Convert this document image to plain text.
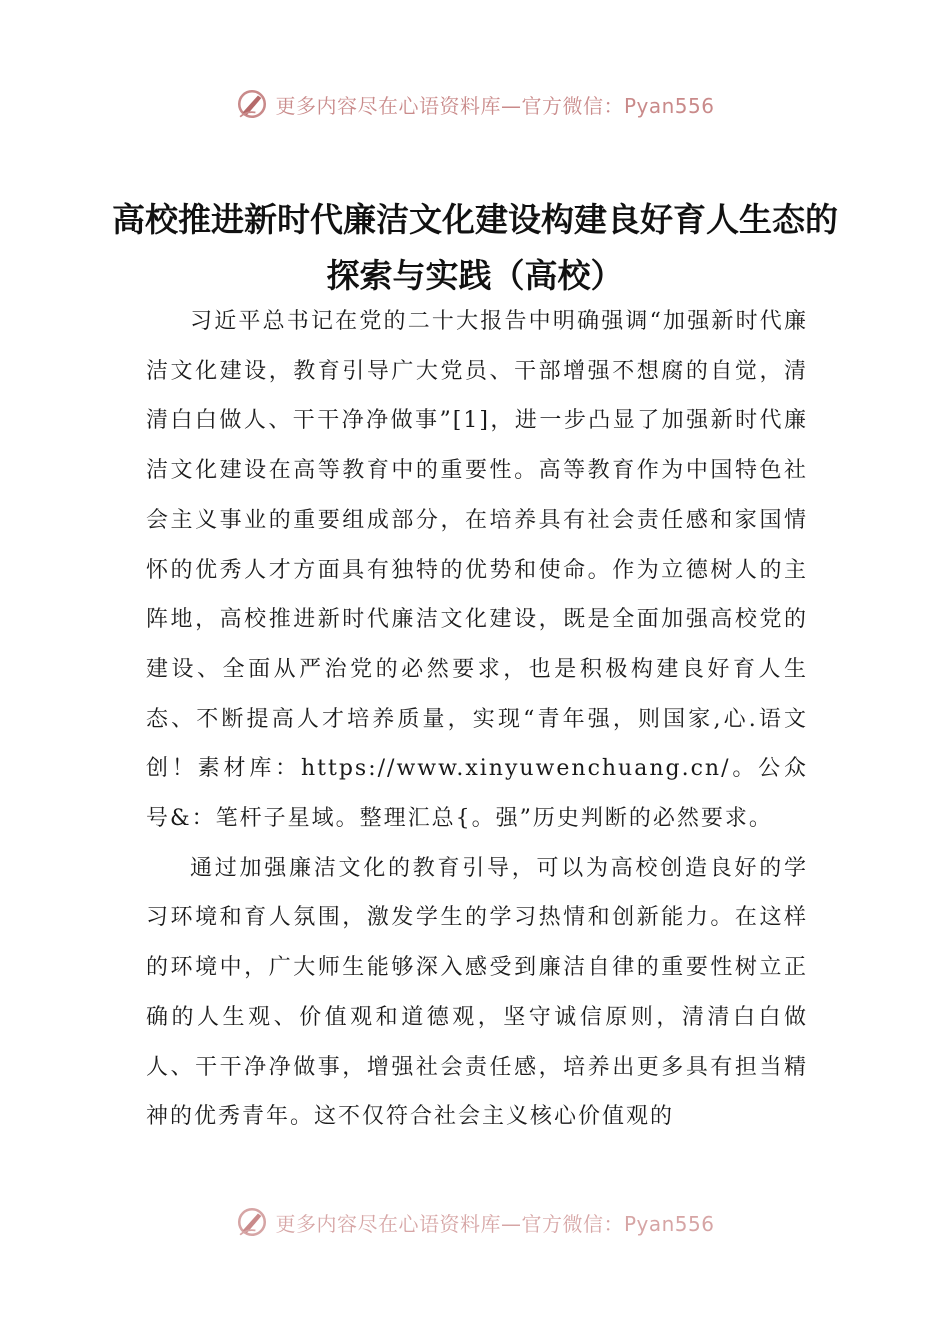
更多内容尽在心语资料库—官方微信：Pyan556
高校推进新时代廉洁文化建设构建良好育人生态的探索与实践（高校）

习近平总书记在党的二十大报告中明确强调“加强新时代廉洁文化建设，教育引导广大党员、干部增强不想腐的自觉，清清白白做人、干干净净做事”[1]，进一步凸显了加强新时代廉洁文化建设在高等教育中的重要性。高等教育作为中国特色社会主义事业的重要组成部分，在培养具有社会责任感和家国情怀的优秀人才方面具有独特的优势和使命。作为立德树人的主阵地，高校推进新时代廉洁文化建设，既是全面加强高校党的建设、全面从严治党的必然要求，也是积极构建良好育人生态、不断提高人才培养质量，实现“青年强，则国家,心.语文创！素材库：https://www.xinyuwenchuang.cn/。公众号&：笔杆子星域。整理汇总{。强”历史判断的必然要求。

通过加强廉洁文化的教育引导，可以为高校创造良好的学习环境和育人氛围，激发学生的学习热情和创新能力。在这样的环境中，广大师生能够深入感受到廉洁自律的重要性树立正确的人生观、价值观和道德观，坚守诚信原则，清清白白做人、干干净净做事，增强社会责任感，培养出更多具有担当精神的优秀青年。这不仅符合社会主义核心价值观的

更多内容尽在心语资料库—官方微信：Pyan556
